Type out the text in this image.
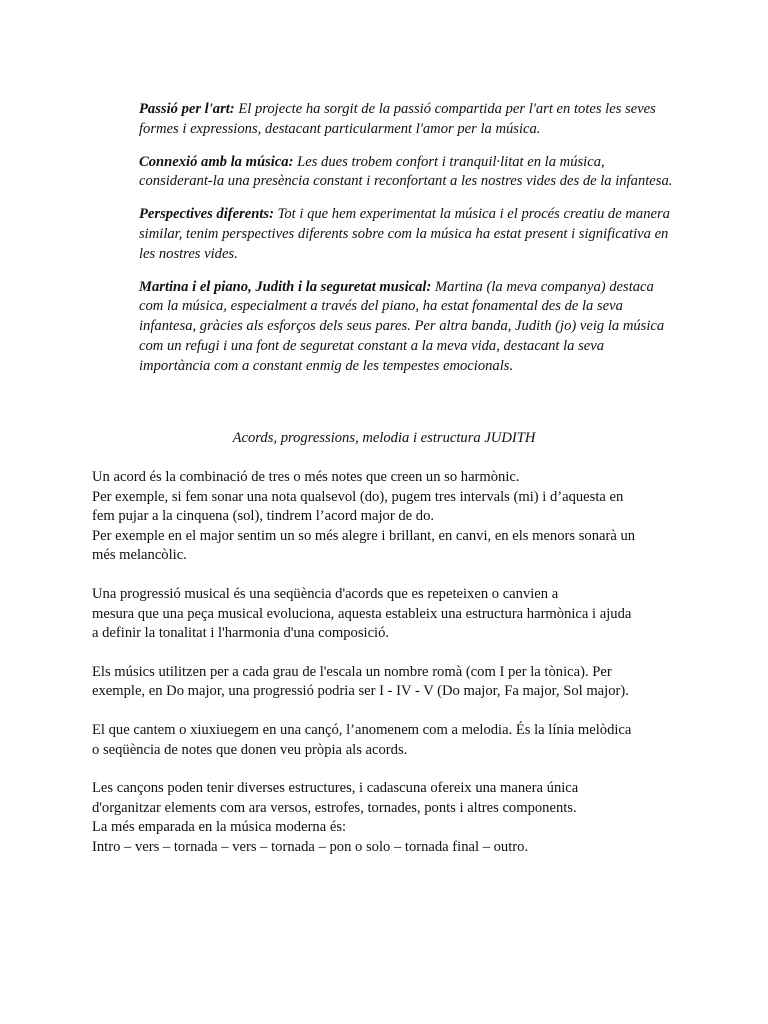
Passió per l'art: El projecte ha sorgit de la passió compartida per l'art en totes les seves formes i expressions, destacant particularment l'amor per la música.

Connexió amb la música: Les dues trobem confort i tranquil·litat en la música, considerant-la una presència constant i reconfortant a les nostres vides des de la infantesa.

Perspectives diferents: Tot i que hem experimentat la música i el procés creatiu de manera similar, tenim perspectives diferents sobre com la música ha estat present i significativa en les nostres vides.

Martina i el piano, Judith i la seguretat musical: Martina (la meva companya) destaca com la música, especialment a través del piano, ha estat fonamental des de la seva infantesa, gràcies als esforços dels seus pares. Per altra banda, Judith (jo) veig la música com un refugi i una font de seguretat constant a la meva vida, destacant la seva importància com a constant enmig de les tempestes emocionals.

Acords, progressions, melodia i estructura JUDITH

Un acord és la combinació de tres o més notes que creen un so harmònic.
Per exemple, si fem sonar una nota qualsevol (do), pugem tres intervals (mi) i d’aquesta en
fem pujar a la cinquena (sol), tindrem l’acord major de do.
Per exemple en el major sentim un so més alegre i brillant, en canvi, en els menors sonarà un
més melancòlic.
Una progressió musical és una seqüència d'acords que es repeteixen o canvien a
mesura que una peça musical evoluciona, aquesta estableix una estructura harmònica i ajuda
a definir la tonalitat i l'harmonia d'una composició.
Els músics utilitzen per a cada grau de l'escala un nombre romà (com I per la tònica). Per
exemple, en Do major, una progressió podria ser I - IV - V (Do major, Fa major, Sol major).
El que cantem o xiuxiuegem en una cançó, l’anomenem com a melodia. És la línia melòdica
o seqüència de notes que donen veu pròpia als acords.
Les cançons poden tenir diverses estructures, i cadascuna ofereix una manera única
d'organitzar elements com ara versos, estrofes, tornades, ponts i altres components.
La més emparada en la música moderna és:
Intro – vers – tornada – vers – tornada – pon o solo – tornada final – outro.
